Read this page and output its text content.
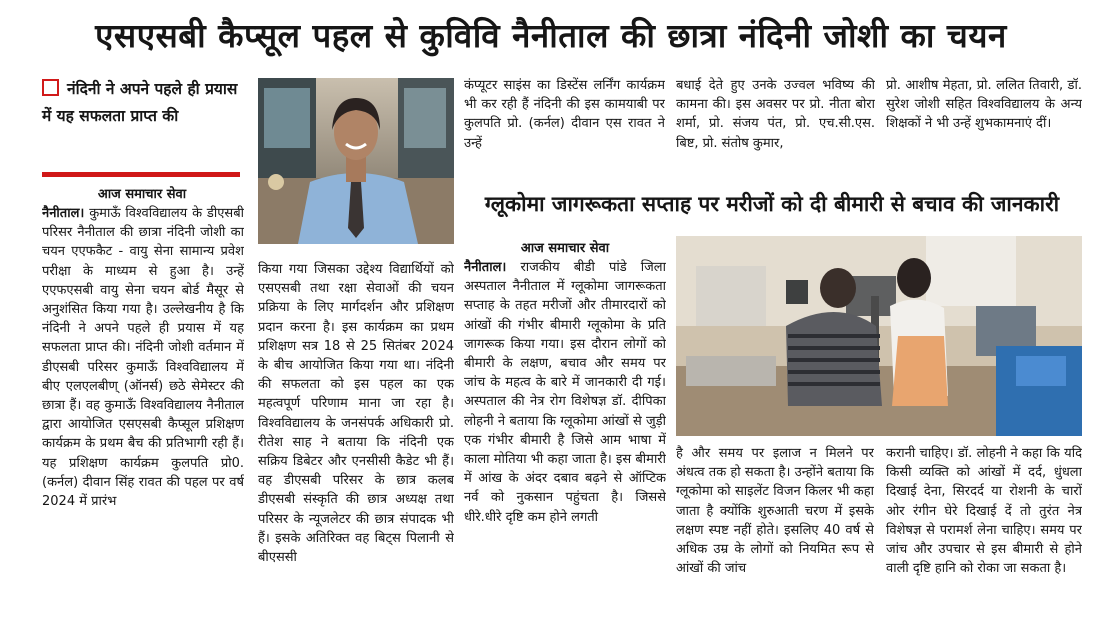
एसएसबी कैप्सूल पहल से कुविवि नैनीताल की छात्रा नंदिनी जोशी का चयन

नंदिनी ने अपने पहले ही प्रयास में यह सफलता प्राप्त की

आज समाचार सेवा
नैनीताल। कुमाऊँ विश्वविद्यालय के डीएसबी परिसर नैनीताल की छात्रा नंदिनी जोशी का चयन एएफकैट - वायु सेना सामान्य प्रवेश परीक्षा के माध्यम से हुआ है। उन्हें एएफएसबी वायु सेना चयन बोर्ड मैसूर से अनुशंसित किया गया है। उल्लेखनीय है कि नंदिनी ने अपने पहले ही प्रयास में यह सफलता प्राप्त की। नंदिनी जोशी वर्तमान में डीएसबी परिसर कुमाऊँ विश्वविद्यालय में बीए एलएलबीण् (ऑनर्स) छठे सेमेस्टर की छात्रा हैं। वह कुमाऊँ विश्वविद्यालय नैनीताल द्वारा आयोजित एसएसबी कैप्सूल प्रशिक्षण कार्यक्रम के प्रथम बैच की प्रतिभागी रही हैं। यह प्रशिक्षण कार्यक्रम कुलपति प्रो0.(कर्नल) दीवान सिंह रावत की पहल पर वर्ष 2024 में प्रारंभ
किया गया जिसका उद्देश्य विद्यार्थियों को एसएसबी तथा रक्षा सेवाओं की चयन प्रक्रिया के लिए मार्गदर्शन और प्रशिक्षण प्रदान करना है। इस कार्यक्रम का प्रथम प्रशिक्षण सत्र 18 से 25 सितंबर 2024 के बीच आयोजित किया गया था। नंदिनी की सफलता को इस पहल का एक महत्वपूर्ण परिणाम माना जा रहा है। विश्वविद्यालय के जनसंपर्क अधिकारी प्रो. रीतेश साह ने बताया कि नंदिनी एक सक्रिय डिबेटर और एनसीसी कैडेट भी हैं। वह डीएसबी परिसर के छात्र कलब डीएसबी संस्कृति की छात्र अध्यक्ष तथा परिसर के न्यूजलेटर की छात्र संपादक भी हैं। इसके अतिरिक्त वह बिट्स पिलानी से बीएससी
कंप्यूटर साइंस का डिस्टेंस लर्निंग कार्यक्रम भी कर रही हैं नंदिनी की इस कामयाबी पर कुलपति प्रो. (कर्नल) दीवान एस रावत ने उन्हें
बधाई देते हुए उनके उज्वल भविष्य की कामना की। इस अवसर पर प्रो. नीता बोरा शर्मा, प्रो. संजय पंत, प्रो. एच.सी.एस. बिष्ट, प्रो. संतोष कुमार,
प्रो. आशीष मेहता, प्रो. ललित तिवारी, डॉ. सुरेश जोशी सहित विश्वविद्यालय के अन्य शिक्षकों ने भी उन्हें शुभकामनाएं दीं।
ग्लूकोमा जागरूकता सप्ताह पर मरीजों को दी बीमारी से बचाव की जानकारी
आज समाचार सेवा
नैनीताल। राजकीय बीडी पांडे जिला अस्पताल नैनीताल में ग्लूकोमा जागरूकता सप्ताह के तहत मरीजों और तीमारदारों को आंखों की गंभीर बीमारी ग्लूकोमा के प्रति जागरूक किया गया। इस दौरान लोगों को बीमारी के लक्षण, बचाव और समय पर जांच के महत्व के बारे में जानकारी दी गई। अस्पताल की नेत्र रोग विशेषज्ञ डॉ. दीपिका लोहनी ने बताया कि ग्लूकोमा आंखों से जुड़ी एक गंभीर बीमारी है जिसे आम भाषा में काला मोतिया भी कहा जाता है। इस बीमारी में आंख के अंदर दबाव बढ़ने से ऑप्टिक नर्व को नुकसान पहुंचता है। जिससे धीरे.धीरे दृष्टि कम होने लगती
है और समय पर इलाज न मिलने पर अंधत्व तक हो सकता है। उन्होंने बताया कि ग्लूकोमा को साइलेंट विजन किलर भी कहा जाता है क्योंकि शुरुआती चरण में इसके लक्षण स्पष्ट नहीं होते। इसलिए 40 वर्ष से अधिक उम्र के लोगों को नियमित रूप से आंखों की जांच
करानी चाहिए। डॉ. लोहनी ने कहा कि यदि किसी व्यक्ति को आंखों में दर्द, धुंधला दिखाई देना, सिरदर्द या रोशनी के चारों ओर रंगीन घेरे दिखाई दें तो तुरंत नेत्र विशेषज्ञ से परामर्श लेना चाहिए। समय पर जांच और उपचार से इस बीमारी से होने वाली दृष्टि हानि को रोका जा सकता है।
